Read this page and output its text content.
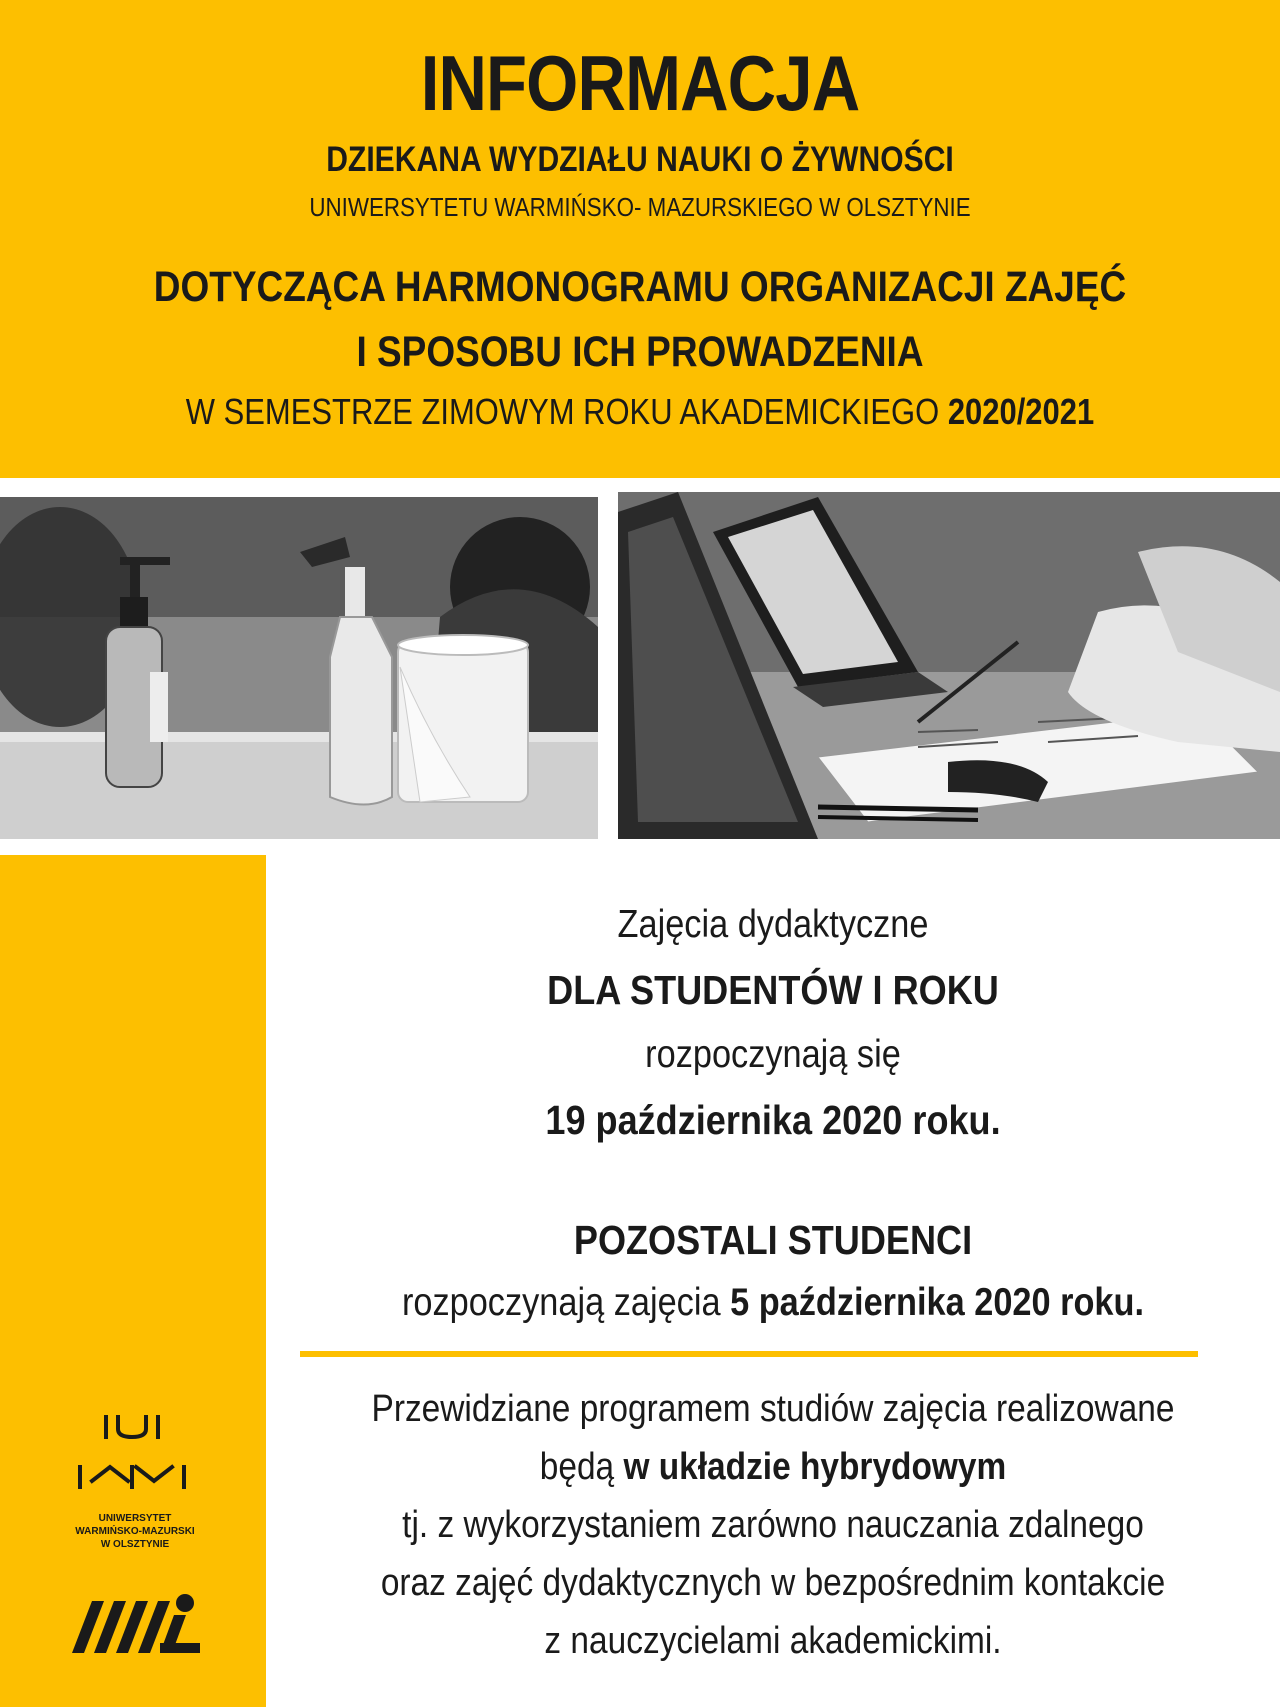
INFORMACJA
DZIEKANA WYDZIAŁU NAUKI O ŻYWNOŚCI
UNIWERSYTETU WARMIŃSKO- MAZURSKIEGO W OLSZTYNIE
DOTYCZĄCA HARMONOGRAMU ORGANIZACJI ZAJĘĆ
I SPOSOBU ICH PROWADZENIA
W SEMESTRZE ZIMOWYM ROKU AKADEMICKIEGO 2020/2021
UNIWERSYTET
WARMIŃSKO-MAZURSKI
W OLSZTYNIE
Zajęcia dydaktyczne
DLA STUDENTÓW I ROKU
rozpoczynają się
19 października 2020 roku.
POZOSTALI STUDENCI
rozpoczynają zajęcia 5 października 2020 roku.
Przewidziane programem studiów zajęcia realizowane
będą w układzie hybrydowym
tj. z wykorzystaniem zarówno nauczania zdalnego
oraz zajęć dydaktycznych w bezpośrednim kontakcie
z nauczycielami akademickimi.
